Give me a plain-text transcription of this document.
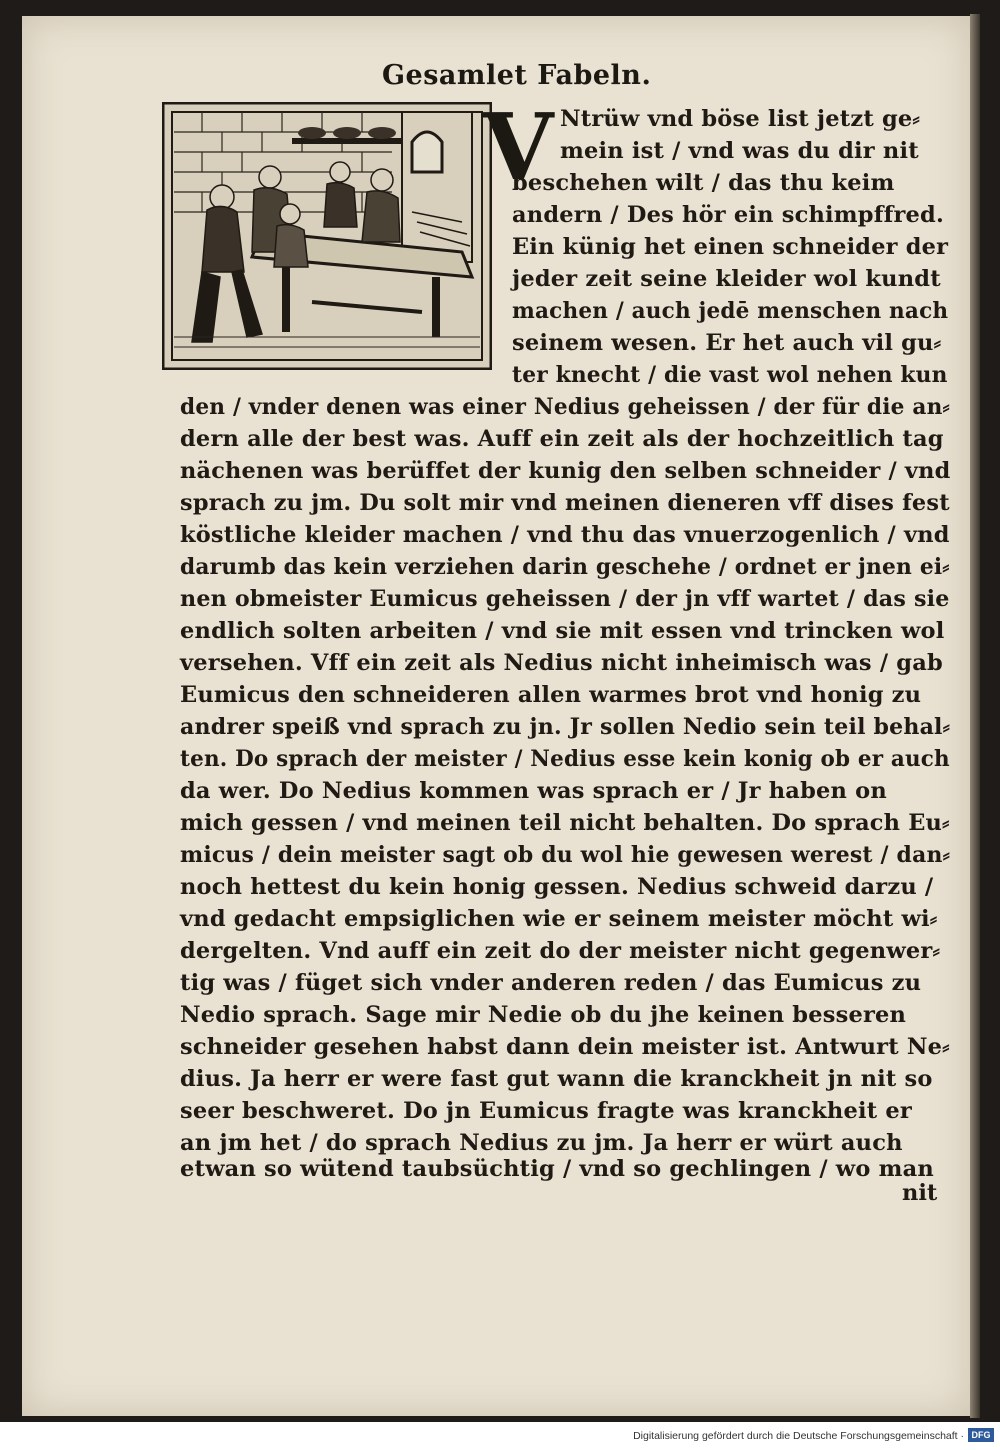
Gesamlet Fabeln.
V Ntrüw vnd böse list jetzt ge⸗
mein ist / vnd was du dir nit
beschehen wilt / das thu keim
andern / Des hör ein schimpffred.
Ein künig het einen schneider der
jeder zeit seine kleider wol kundt
machen / auch jedē menschen nach
seinem wesen. Er het auch vil gu⸗
ter knecht / die vast wol nehen kun
den / vnder denen was einer Nedius geheissen / der für die an⸗
dern alle der best was. Auff ein zeit als der hochzeitlich tag
nächenen was berüffet der kunig den selben schneider / vnd
sprach zu jm. Du solt mir vnd meinen dieneren vff dises fest
köstliche kleider machen / vnd thu das vnuerzogenlich / vnd
darumb das kein verziehen darin geschehe / ordnet er jnen ei⸗
nen obmeister Eumicus geheissen / der jn vff wartet / das sie
endlich solten arbeiten / vnd sie mit essen vnd trincken wol
versehen. Vff ein zeit als Nedius nicht inheimisch was / gab
Eumicus den schneideren allen warmes brot vnd honig zu
andrer speiß vnd sprach zu jn. Jr sollen Nedio sein teil behal⸗
ten. Do sprach der meister / Nedius esse kein konig ob er auch
da wer. Do Nedius kommen was sprach er / Jr haben on
mich gessen / vnd meinen teil nicht behalten. Do sprach Eu⸗
micus / dein meister sagt ob du wol hie gewesen werest / dan⸗
noch hettest du kein honig gessen. Nedius schweid darzu /
vnd gedacht empsiglichen wie er seinem meister möcht wi⸗
dergelten. Vnd auff ein zeit do der meister nicht gegenwer⸗
tig was / füget sich vnder anderen reden / das Eumicus zu
Nedio sprach. Sage mir Nedie ob du jhe keinen besseren
schneider gesehen habst dann dein meister ist. Antwurt Ne⸗
dius. Ja herr er were fast gut wann die kranckheit jn nit so
seer beschweret. Do jn Eumicus fragte was kranckheit er
an jm het / do sprach Nedius zu jm. Ja herr er würt auch
etwan so wütend taubsüchtig / vnd so gechlingen / wo man
nit
Digitalisierung gefördert durch die Deutsche Forschungsgemeinschaft · DFG
